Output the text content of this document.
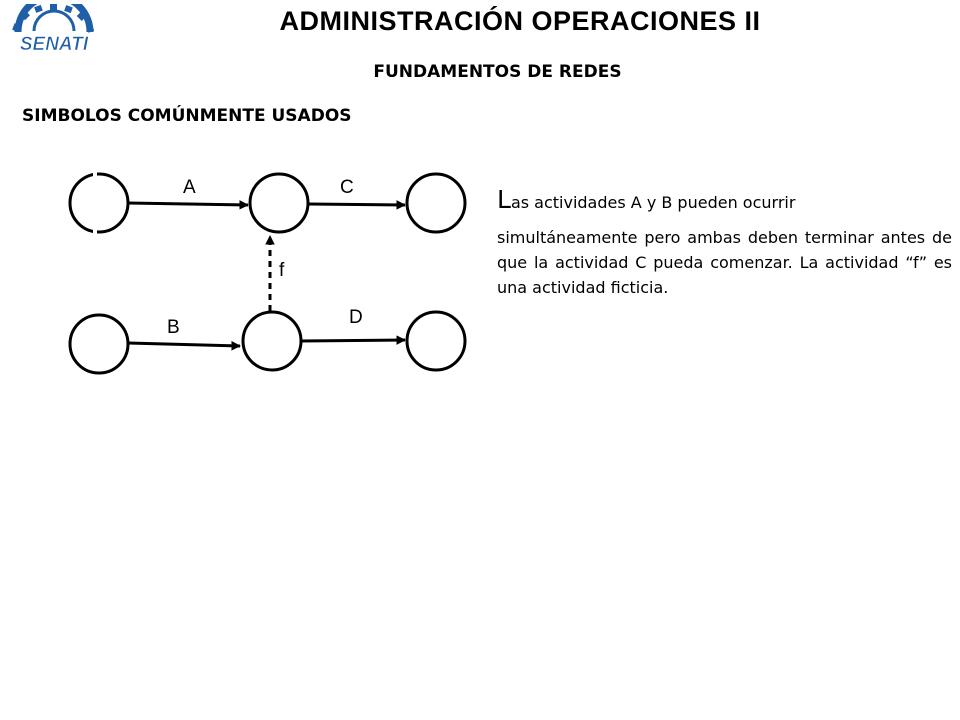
SENATI
ADMINISTRACIÓN OPERACIONES II
FUNDAMENTOS DE REDES
SIMBOLOS COMÚNMENTE USADOS
A	C
B	D
f
Las actividades A y B pueden ocurrir
simultáneamente pero ambas deben terminar antes de que la actividad C pueda comenzar. La actividad “f” es una actividad ficticia.
